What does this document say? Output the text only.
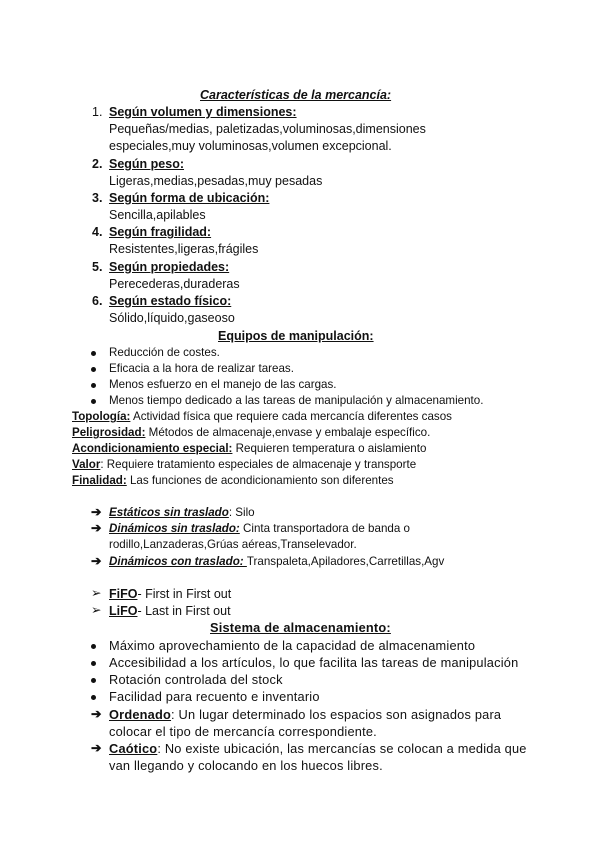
Características de la mercancía:
1. Según volumen y dimensiones:
Pequeñas/medias, paletizadas,voluminosas,dimensiones
especiales,muy voluminosas,volumen excepcional.
2. Según peso:
Ligeras,medias,pesadas,muy pesadas
3. Según forma de ubicación:
Sencilla,apilables
4. Según fragilidad:
Resistentes,ligeras,frágiles
5. Según propiedades:
Perecederas,duraderas
6. Según estado físico:
Sólido,líquido,gaseoso
Equipos de manipulación:
Reducción de costes.
Eficacia a la hora de realizar tareas.
Menos esfuerzo en el manejo de las cargas.
Menos tiempo dedicado a las tareas de manipulación y almacenamiento.
Topología: Actividad física que requiere cada mercancía diferentes casos
Peligrosidad: Métodos de almacenaje,envase y embalaje específico.
Acondicionamiento especial: Requieren temperatura o aislamiento
Valor: Requiere tratamiento especiales de almacenaje y transporte
Finalidad: Las funciones de acondicionamiento son diferentes
➔ Estáticos sin traslado: Silo
➔ Dinámicos sin traslado: Cinta transportadora de banda o
rodillo,Lanzaderas,Grúas aéreas,Transelevador.
➔ Dinámicos con traslado: Transpaleta,Apiladores,Carretillas,Agv
➢ FiFO- First in First out
➢ LiFO- Last in First out
Sistema de almacenamiento:
Máximo aprovechamiento de la capacidad de almacenamiento
Accesibilidad a los artículos, lo que facilita las tareas de manipulación
Rotación controlada del stock
Facilidad para recuento e inventario
➔ Ordenado: Un lugar determinado los espacios son asignados para
colocar el tipo de mercancía correspondiente.
➔ Caótico: No existe ubicación, las mercancías se colocan a medida que
van llegando y colocando en los huecos libres.
